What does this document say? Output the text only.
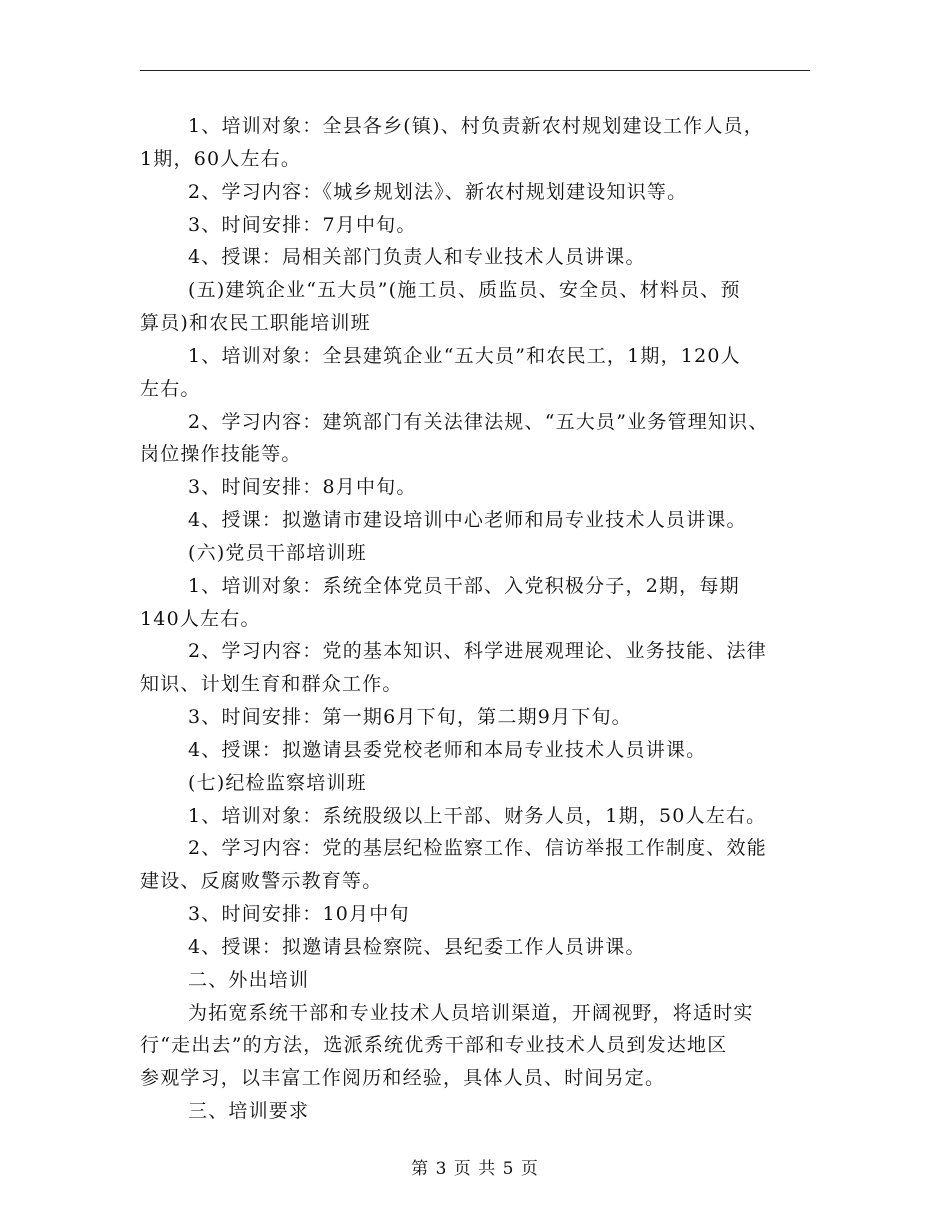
1、培训对象：全县各乡(镇)、村负责新农村规划建设工作人员，
1期，60人左右。
2、学习内容：《城乡规划法》、新农村规划建设知识等。
3、时间安排：7月中旬。
4、授课：局相关部门负责人和专业技术人员讲课。
(五)建筑企业“五大员”(施工员、质监员、安全员、材料员、预
算员)和农民工职能培训班
1、培训对象：全县建筑企业“五大员”和农民工，1期，120人
左右。
2、学习内容：建筑部门有关法律法规、“五大员”业务管理知识、
岗位操作技能等。
3、时间安排：8月中旬。
4、授课：拟邀请市建设培训中心老师和局专业技术人员讲课。
(六)党员干部培训班
1、培训对象：系统全体党员干部、入党积极分子，2期，每期
140人左右。
2、学习内容：党的基本知识、科学进展观理论、业务技能、法律
知识、计划生育和群众工作。
3、时间安排：第一期6月下旬，第二期9月下旬。
4、授课：拟邀请县委党校老师和本局专业技术人员讲课。
(七)纪检监察培训班
1、培训对象：系统股级以上干部、财务人员，1期，50人左右。
2、学习内容：党的基层纪检监察工作、信访举报工作制度、效能
建设、反腐败警示教育等。
3、时间安排：10月中旬
4、授课：拟邀请县检察院、县纪委工作人员讲课。
二、外出培训
为拓宽系统干部和专业技术人员培训渠道，开阔视野，将适时实
行“走出去”的方法，选派系统优秀干部和专业技术人员到发达地区
参观学习，以丰富工作阅历和经验，具体人员、时间另定。
三、培训要求
第 3 页 共 5 页
